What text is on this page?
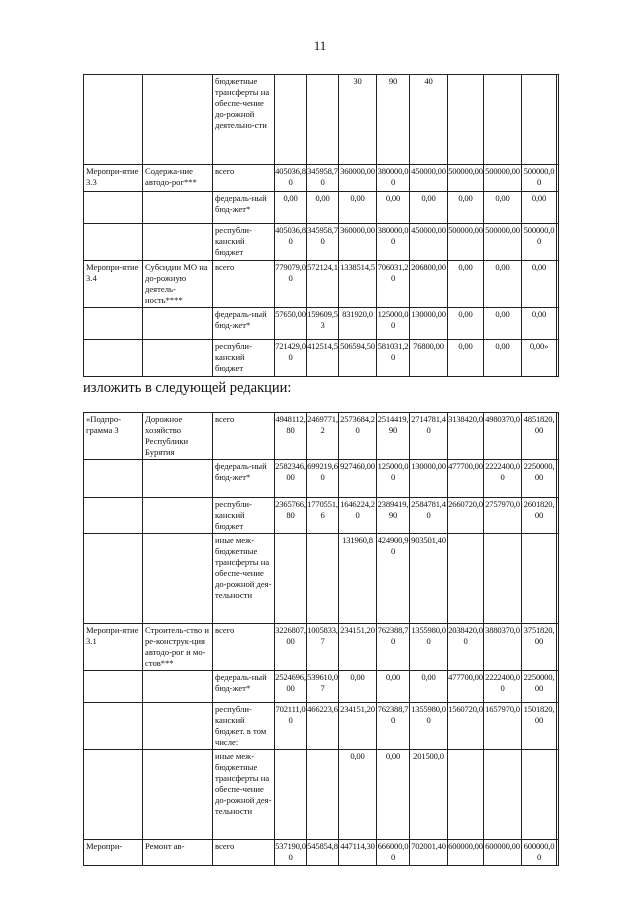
11
		бюджетные трансферты на обеспе-чение до-рожной деятельно-сти			30	90	40				
Меропри-ятие 3.3	Содержа-ние автодо-рог***	всего	405036,80	345958,70	360000,00	380000,00	450000,00	500000,00	500000,00	500000,00	
		федераль-ный бюд-жет*	0,00	0,00	0,00	0,00	0,00	0,00	0,00	0,00	
		республи-канский бюджет	405036,80	345958,70	360000,00	380000,00	450000,00	500000,00	500000,00	500000,00	
Меропри-ятие 3.4	Субсидии МО на до-рожную деятель-ность****	всего	779079,00	572124,1	1338514,5	706031,20	206800,00	0,00	0,00	0,00	
		федераль-ный бюд-жет*	57650,00	159609,53	831920,0	125000,00	130000,00	0,00	0,00	0,00	
		республи-канский бюджет	721429,00	412514,5	506594,50	581031,20	76800,00	0,00	0,00	0,00»	
изложить в следующей редакции:
«Подпро-грамма 3	Дорожное хозяйство Республики Бурятия	всего	4948112,80	2469771,2	2573684,20	2514419,90	2714781,40	3138420,0	4980370,0	4851820,00	
		федераль-ный бюд-жет*	2582346,00	699219,60	927460,00	125000,00	130000,00	477700,00	2222400,00	2250000,00	
		республи-канский бюджет	2365766,80	1770551,6	1646224,20	2389419,90	2584781,40	2660720,0	2757970,0	2601820,00	
		иные меж-бюджетные трансферты на обеспе-чение до-рожной дея-тельности			131960,8	424900,90	903501,40				
Меропри-ятие 3.1	Строитель-ство и ре-конструк-ция автодо-рог и мо-стов***	всего	3226807,00	1005833,7	234151,20	762388,70	1355980,00	2038420,00	3880370,0	3751820,00	
		федераль-ный бюд-жет*	2524696,00	539610,07	0,00	0,00	0,00	477700,00	2222400,00	2250000,00	
		республи-канский бюджет. в том числе:	702111,00	466223,6	234151,20	762388,70	1355980,00	1560720,0	1657970,0	1501820,00	
		иные меж-бюджетные трансферты на обеспе-чение до-рожной дея-тельности			0,00	0,00	201500,0				
Меропри-	Ремонт ав-	всего	537190,00	545854,8	447114,30	666000,00	702001,40	600000,00	600000,00	600000,00	
